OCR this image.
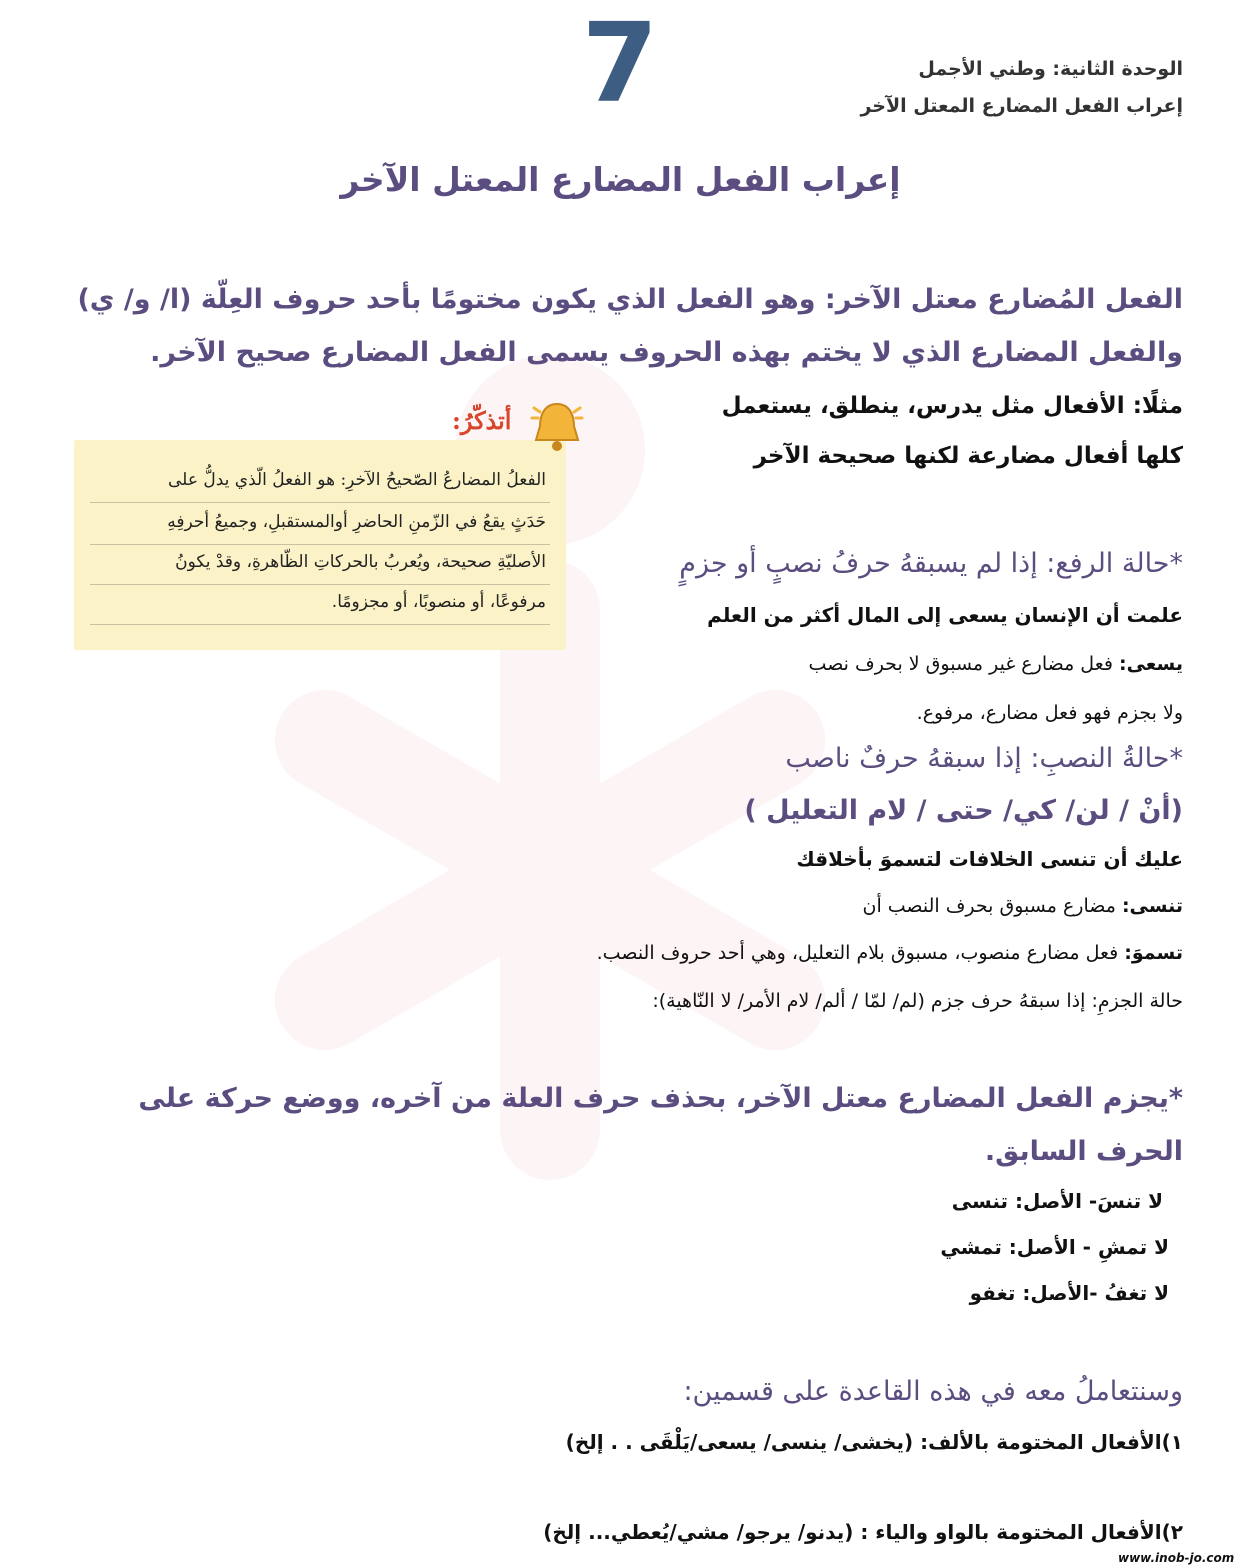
الوحدة الثانية: وطني الأجمل
إعراب الفعل المضارع المعتل الآخر
7
إعراب الفعل المضارع المعتل الآخر
الفعل المُضارع معتل الآخر: وهو الفعل الذي يكون مختومًا بأحد حروف العِلّة (ا/ و/ ي)
والفعل المضارع الذي لا يختم بهذه الحروف يسمى الفعل المضارع صحيح الآخر.
مثلًا: الأفعال مثل يدرس، ينطلق، يستعمل
كلها أفعال مضارعة لكنها صحيحة الآخر
الفعلُ المضارعُ الصّحيحُ الآخرِ: هو الفعلُ الّذي يدلُّ على
حَدَثٍ يقعُ في الزّمنِ الحاضرِ أوالمستقبلِ، وجميعُ أحرفِهِ
الأصليّةِ صحيحة، ويُعربُ بالحركاتِ الظّاهرةِ، وقدْ يكونُ
مرفوعًا، أو منصوبًا، أو مجزومًا.
أتذكّرُ:
*حالة الرفع: إذا لم يسبقهُ حرفُ نصبٍ أو جزمٍ
علمت أن الإنسان يسعى إلى المال أكثر من العلم
يسعى: فعل مضارع غير مسبوق لا بحرف نصب
ولا بجزم فهو فعل مضارع، مرفوع.
*حالةُ النصبِ: إذا سبقهُ حرفٌ ناصب
(أنْ / لن/ كي/ حتى / لام التعليل )
عليك أن تنسى الخلافات لتسموَ بأخلاقك
تنسى: مضارع مسبوق بحرف النصب أن
تسموَ: فعل مضارع منصوب، مسبوق بلام التعليل، وهي أحد حروف النصب.
حالة الجزمِ: إذا سبقهُ حرف جزم (لم/ لمّا / ألم/ لام الأمر/ لا النّاهية):
*يجزم الفعل المضارع معتل الآخر، بحذف حرف العلة من آخره، ووضع حركة على
الحرف السابق.
لا تنسَ- الأصل: تنسى
لا تمشِ - الأصل: تمشي
لا تغفُ -الأصل: تغفو
وسنتعاملُ معه في هذه القاعدة على قسمين:
١)الأفعال المختومة بالألف: (يخشى/ ينسى/ يسعى/يَلْقَى . . إلخ)
٢)الأفعال المختومة بالواو والياء : (يدنو/ يرجو/ مشي/يُعطي... إلخ)
www.inob-jo.com
